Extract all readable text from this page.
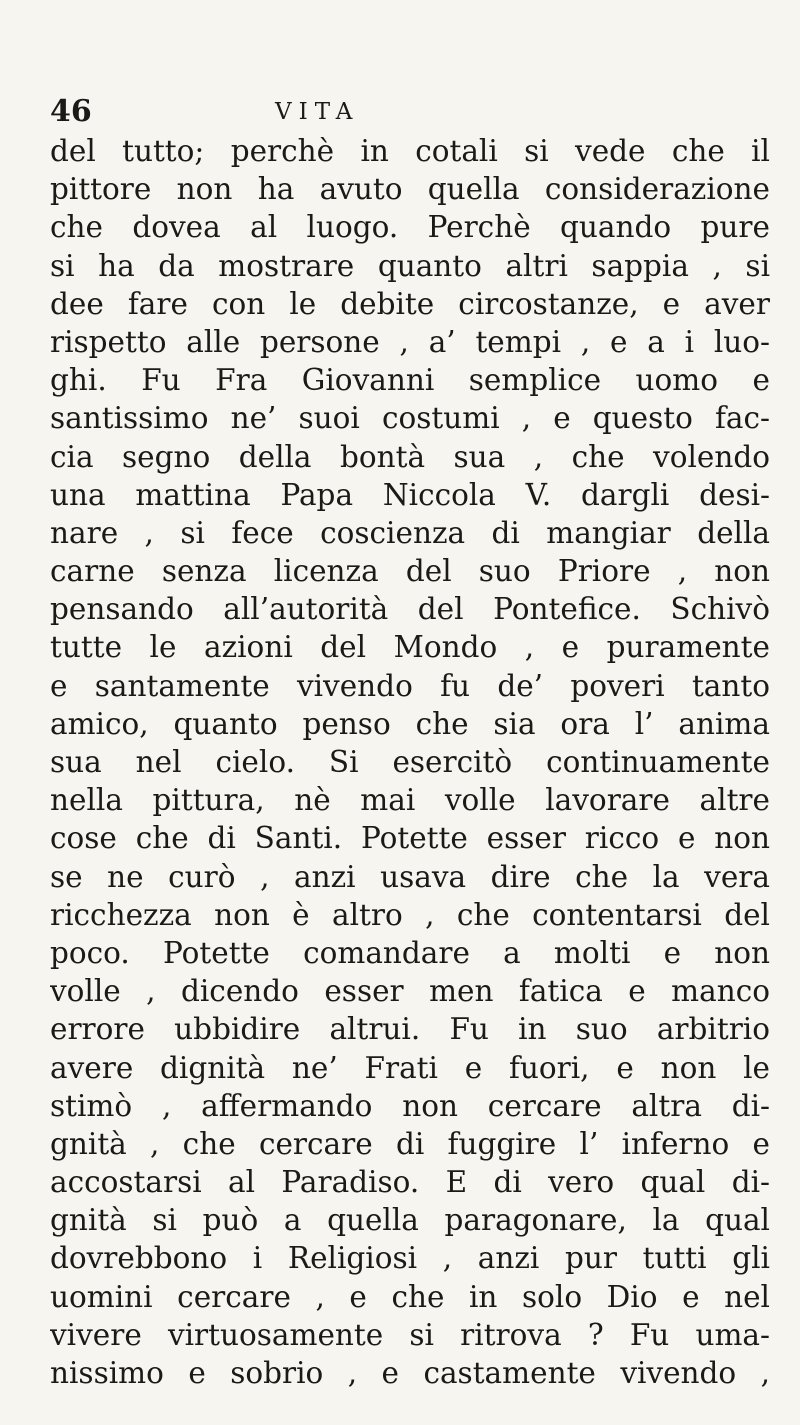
46	VITA
del tutto; perchè in cotali si vede che il
pittore non ha avuto quella considerazione
che dovea al luogo. Perchè quando pure
si ha da mostrare quanto altri sappia , si
dee fare con le debite circostanze, e aver
rispetto alle persone , a’ tempi , e a i luo-
ghi. Fu Fra Giovanni semplice uomo e
santissimo ne’ suoi costumi , e questo fac-
cia segno della bontà sua , che volendo
una mattina Papa Niccola V. dargli desi-
nare , si fece coscienza di mangiar della
carne senza licenza del suo Priore , non
pensando all’autorità del Pontefice. Schivò
tutte le azioni del Mondo , e puramente
e santamente vivendo fu de’ poveri tanto
amico, quanto penso che sia ora l’ anima
sua nel cielo. Si esercitò continuamente
nella pittura, nè mai volle lavorare altre
cose che di Santi. Potette esser ricco e non
se ne curò , anzi usava dire che la vera
ricchezza non è altro , che contentarsi del
poco. Potette comandare a molti e non
volle , dicendo esser men fatica e manco
errore ubbidire altrui. Fu in suo arbitrio
avere dignità ne’ Frati e fuori, e non le
stimò , affermando non cercare altra di-
gnità , che cercare di fuggire l’ inferno e
accostarsi al Paradiso. E di vero qual di-
gnità si può a quella paragonare, la qual
dovrebbono i Religiosi , anzi pur tutti gli
uomini cercare , e che in solo Dio e nel
vivere virtuosamente si ritrova ? Fu uma-
nissimo e sobrio , e castamente vivendo ,
